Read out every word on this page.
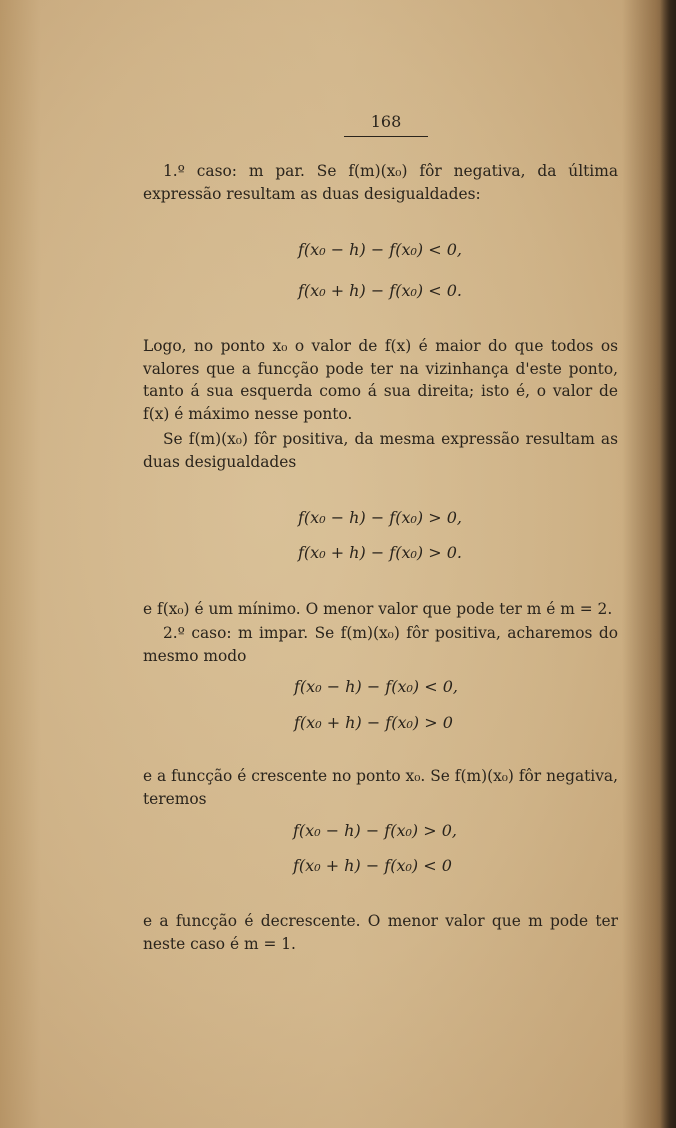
168

1.º caso: m par. Se f(m)(x₀) fôr negativa, da última expressão resultam as duas desigualdades:

f(x₀ − h) − f(x₀) < 0,
f(x₀ + h) − f(x₀) < 0.

Logo, no ponto x₀ o valor de f(x) é maior do que todos os valores que a funcção pode ter na vizinhança d'este ponto, tanto á sua esquerda como á sua direita; isto é, o valor de f(x) é máximo nesse ponto.

Se f(m)(x₀) fôr positiva, da mesma expressão resultam as duas desigualdades

f(x₀ − h) − f(x₀) > 0,
f(x₀ + h) − f(x₀) > 0.

e f(x₀) é um mínimo. O menor valor que pode ter m é m = 2.

2.º caso: m impar. Se f(m)(x₀) fôr positiva, acharemos do mesmo modo

f(x₀ − h) − f(x₀) < 0,
f(x₀ + h) − f(x₀) > 0

e a funcção é crescente no ponto x₀. Se f(m)(x₀) fôr negativa, teremos

f(x₀ − h) − f(x₀) > 0,
f(x₀ + h) − f(x₀) < 0

e a funcção é decrescente. O menor valor que m pode ter neste caso é m = 1.
